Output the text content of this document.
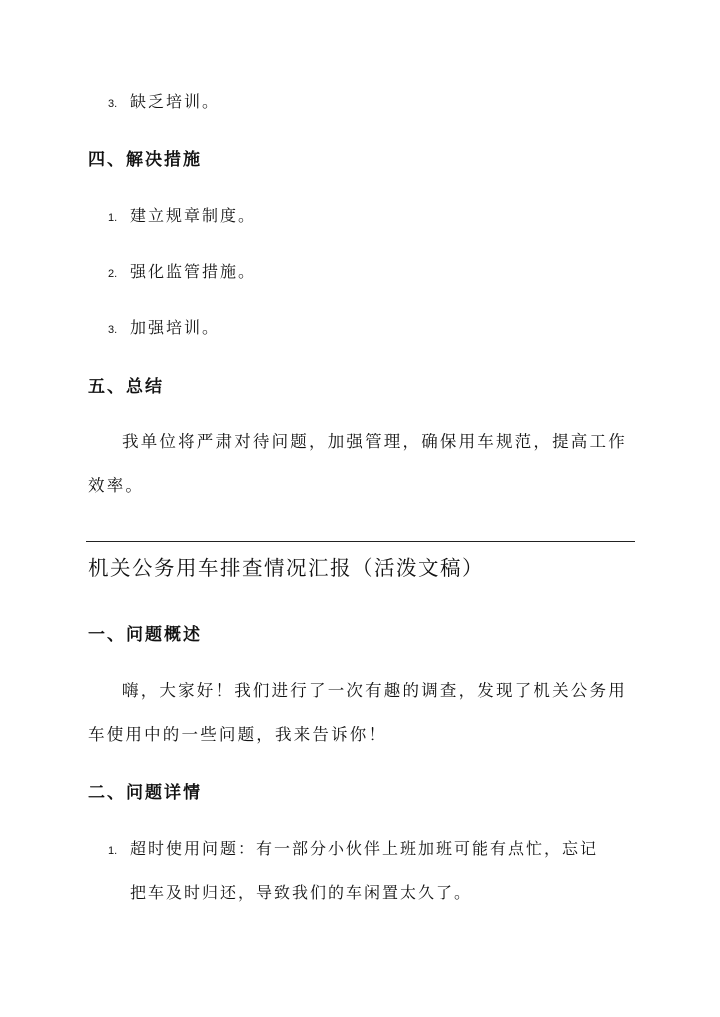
3. 缺乏培训。
四、解决措施
1. 建立规章制度。
2. 强化监管措施。
3. 加强培训。
五、总结
我单位将严肃对待问题，加强管理，确保用车规范，提高工作
效率。
机关公务用车排查情况汇报（活泼文稿）
一、问题概述
嗨，大家好！我们进行了一次有趣的调查，发现了机关公务用
车使用中的一些问题，我来告诉你！
二、问题详情
1. 超时使用问题：有一部分小伙伴上班加班可能有点忙，忘记
把车及时归还，导致我们的车闲置太久了。
